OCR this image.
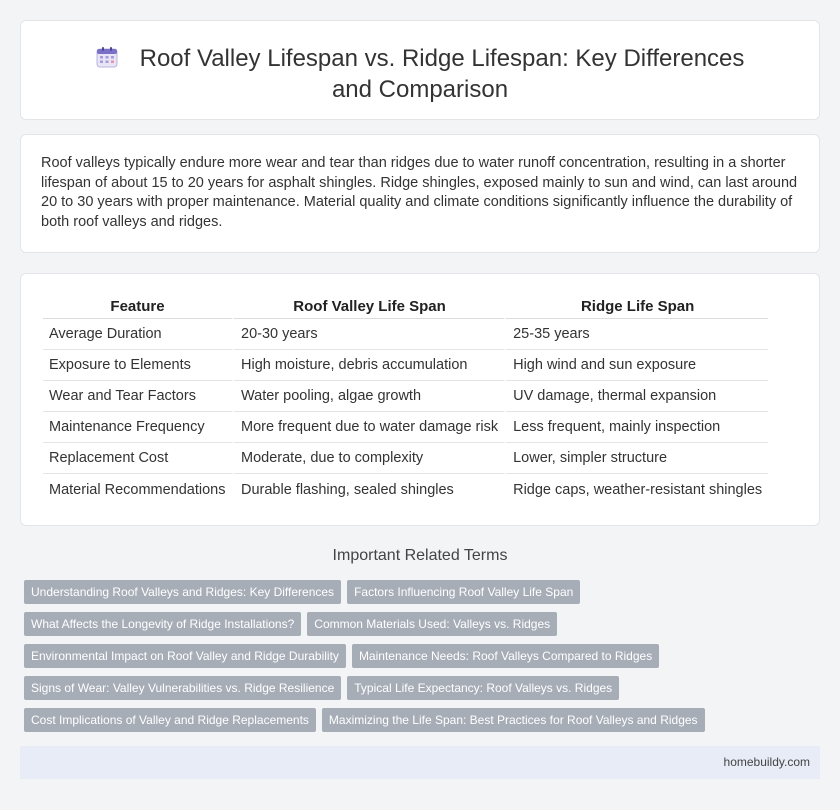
Roof Valley Lifespan vs. Ridge Lifespan: Key Differences and Comparison

Roof valleys typically endure more wear and tear than ridges due to water runoff concentration, resulting in a shorter lifespan of about 15 to 20 years for asphalt shingles. Ridge shingles, exposed mainly to sun and wind, can last around 20 to 30 years with proper maintenance. Material quality and climate conditions significantly influence the durability of both roof valleys and ridges.

Feature	Roof Valley Life Span	Ridge Life Span
Average Duration	20-30 years	25-35 years
Exposure to Elements	High moisture, debris accumulation	High wind and sun exposure
Wear and Tear Factors	Water pooling, algae growth	UV damage, thermal expansion
Maintenance Frequency	More frequent due to water damage risk	Less frequent, mainly inspection
Replacement Cost	Moderate, due to complexity	Lower, simpler structure
Material Recommendations	Durable flashing, sealed shingles	Ridge caps, weather-resistant shingles
Important Related Terms
Understanding Roof Valleys and Ridges: Key Differences Factors Influencing Roof Valley Life Span
What Affects the Longevity of Ridge Installations? Common Materials Used: Valleys vs. Ridges
Environmental Impact on Roof Valley and Ridge Durability Maintenance Needs: Roof Valleys Compared to Ridges
Signs of Wear: Valley Vulnerabilities vs. Ridge Resilience Typical Life Expectancy: Roof Valleys vs. Ridges
Cost Implications of Valley and Ridge Replacements Maximizing the Life Span: Best Practices for Roof Valleys and Ridges
homebuildy.com
